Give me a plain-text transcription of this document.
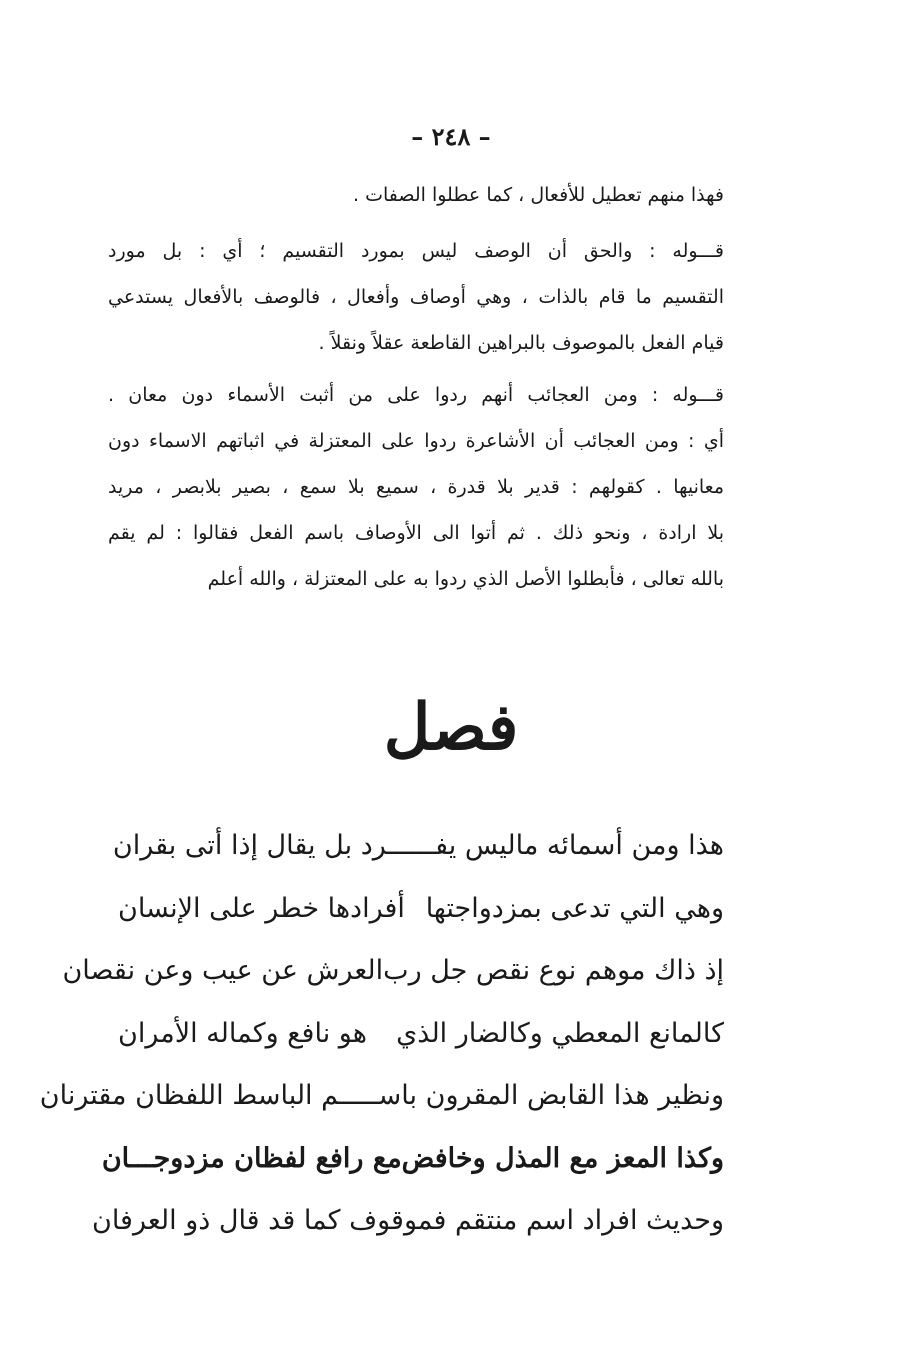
– ٢٤٨ –
فهذا منهم تعطيل للأفعال ، كما عطلوا الصفات .
قـــوله : والحق أن الوصف ليس بمورد التقسيم ؛ أي : بل مورد
التقسيم ما قام بالذات ، وهي أوصاف وأفعال ، فالوصف بالأفعال يستدعي
قيام الفعل بالموصوف بالبراهين القاطعة عقلاً ونقلاً .
قـــوله : ومن العجائب أنهم ردوا على من أثبت الأسماء دون معان .
أي : ومن العجائب أن الأشاعرة ردوا على المعتزلة في اثباتهم الاسماء دون
معانيها . كقولهم : قدير بلا قدرة ، سميع بلا سمع ، بصير بلابصر ، مريد
بلا ارادة ، ونحو ذلك . ثم أتوا الى الأوصاف باسم الفعل فقالوا : لم يقم
بالله تعالى ، فأبطلوا الأصل الذي ردوا به على المعتزلة ، والله أعلم
فصل
هذا ومن أسمائه ماليس يفـــ
ـــرد بل يقال إذا أتى بقران
وهي التي تدعى بمزدواجتها
أفرادها خطر على الإنسان
إذ ذاك موهم نوع نقص جل رب
العرش عن عيب وعن نقصان
كالمانع المعطي وكالضار الذي
هو نافع وكماله الأمران
ونظير هذا القابض المقرون باســ
ـــم الباسط اللفظان مقترنان
وكذا المعز مع المذل وخافض
مع رافع لفظان مزدوجـــان
وحديث افراد اسم منتقم فمو
قوف كما قد قال ذو العرفان
